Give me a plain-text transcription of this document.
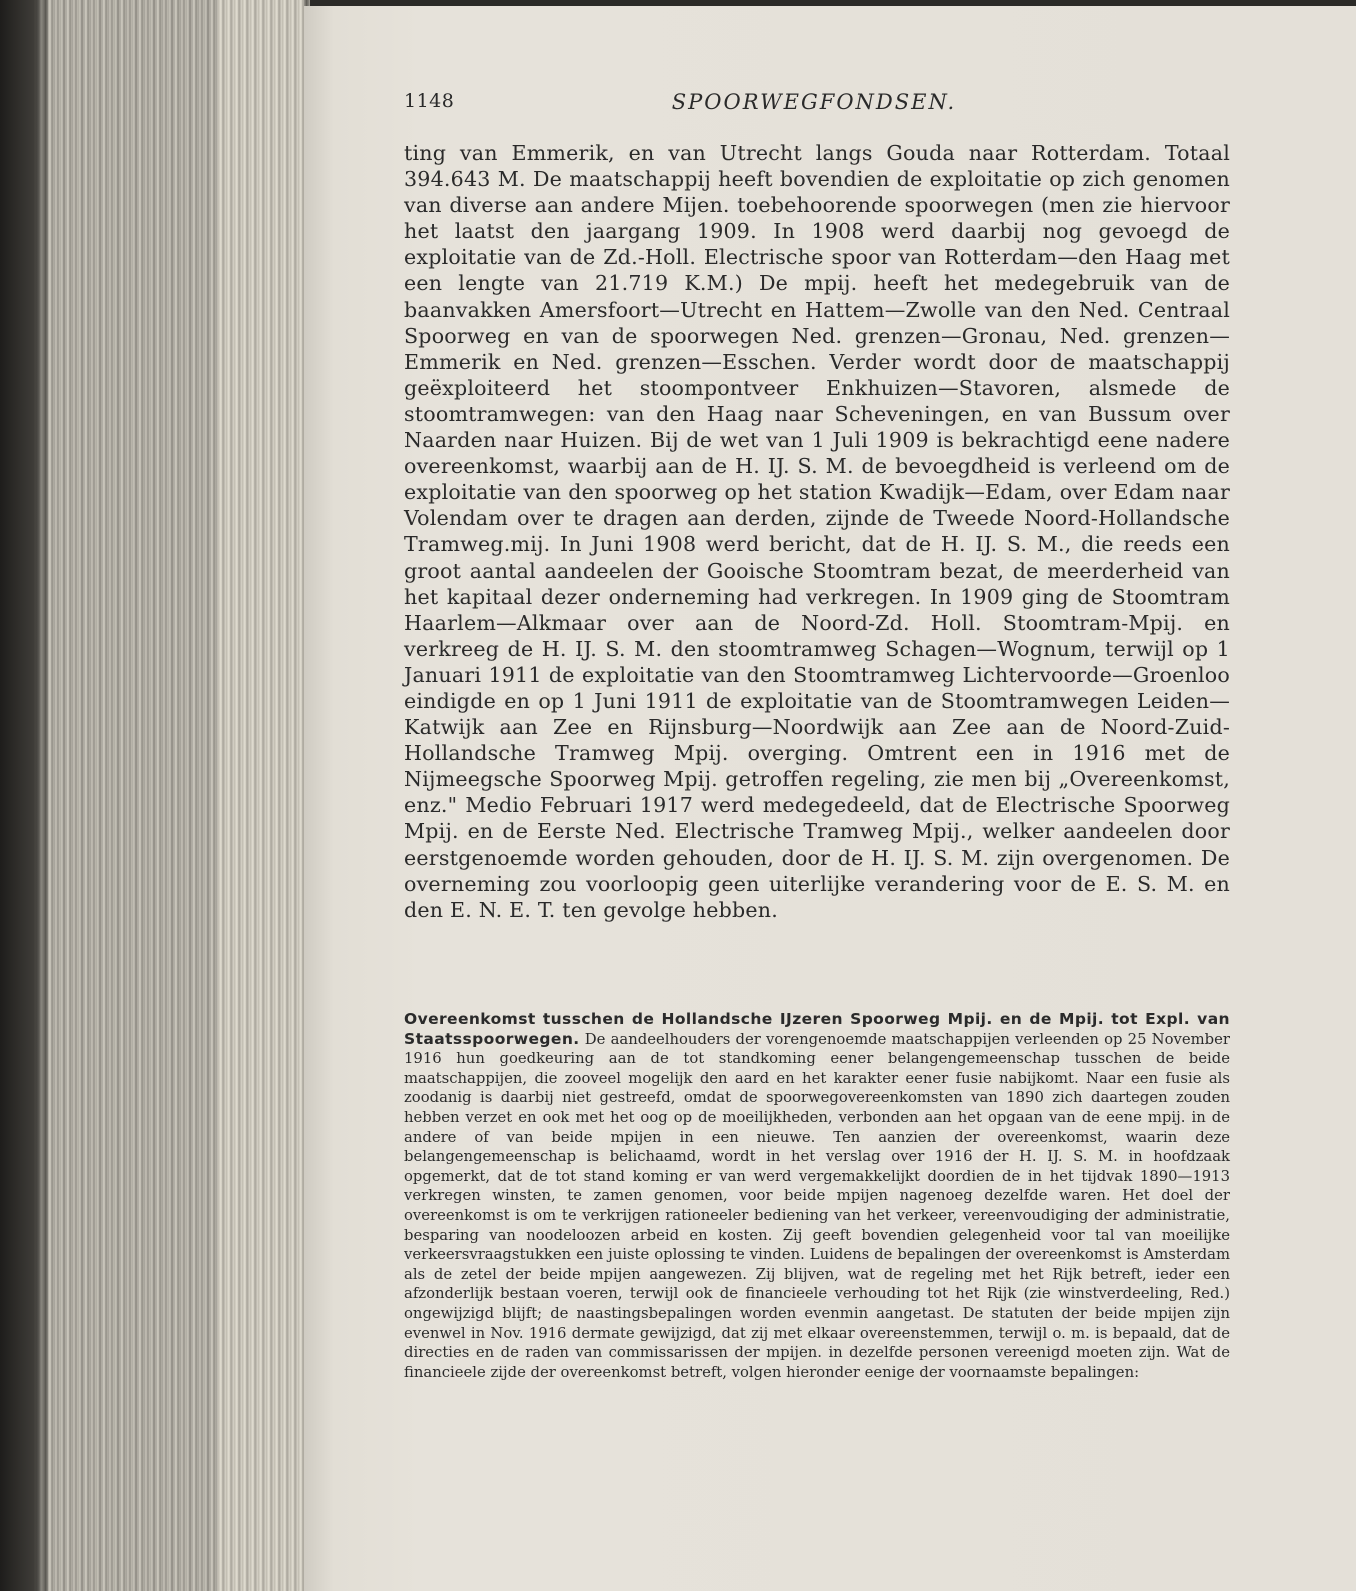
1148	SPOORWEGFONDSEN.

ting van Emmerik, en van Utrecht langs Gouda naar Rotterdam. Totaal 394.643 M. De maatschappij heeft bovendien de exploitatie op zich genomen van diverse aan andere Mijen. toebehoorende spoorwegen (men zie hiervoor het laatst den jaargang 1909. In 1908 werd daarbij nog gevoegd de exploitatie van de Zd.-Holl. Electrische spoor van Rotterdam—den Haag met een lengte van 21.719 K.M.) De mpij. heeft het medegebruik van de baanvakken Amersfoort—Utrecht en Hattem—Zwolle van den Ned. Centraal Spoorweg en van de spoorwegen Ned. grenzen—Gronau, Ned. grenzen—Emmerik en Ned. grenzen—Esschen. Verder wordt door de maatschappij geëxploiteerd het stoompontveer Enkhuizen—Stavoren, alsmede de stoomtramwegen: van den Haag naar Scheveningen, en van Bussum over Naarden naar Huizen. Bij de wet van 1 Juli 1909 is bekrachtigd eene nadere overeenkomst, waarbij aan de H. IJ. S. M. de bevoegdheid is verleend om de exploitatie van den spoorweg op het station Kwadijk—Edam, over Edam naar Volendam over te dragen aan derden, zijnde de Tweede Noord-Hollandsche Tramweg.mij. In Juni 1908 werd bericht, dat de H. IJ. S. M., die reeds een groot aantal aandeelen der Gooische Stoomtram bezat, de meerderheid van het kapitaal dezer onderneming had verkregen. In 1909 ging de Stoomtram Haarlem—Alkmaar over aan de Noord-Zd. Holl. Stoomtram-Mpij. en verkreeg de H. IJ. S. M. den stoomtramweg Schagen—Wognum, terwijl op 1 Januari 1911 de exploitatie van den Stoomtramweg Lichtervoorde—Groenloo eindigde en op 1 Juni 1911 de exploitatie van de Stoomtramwegen Leiden—Katwijk aan Zee en Rijnsburg—Noordwijk aan Zee aan de Noord-Zuid-Hollandsche Tramweg Mpij. overging. Omtrent een in 1916 met de Nijmeegsche Spoorweg Mpij. getroffen regeling, zie men bij „Overeenkomst, enz." Medio Februari 1917 werd medegedeeld, dat de Electrische Spoorweg Mpij. en de Eerste Ned. Electrische Tramweg Mpij., welker aandeelen door eerstgenoemde worden gehouden, door de H. IJ. S. M. zijn overgenomen. De overneming zou voorloopig geen uiterlijke verandering voor de E. S. M. en den E. N. E. T. ten gevolge hebben.

Overeenkomst tusschen de Hollandsche IJzeren Spoorweg Mpij. en de Mpij. tot Expl. van Staatsspoorwegen. De aandeelhouders der vorengenoemde maatschappijen verleenden op 25 November 1916 hun goedkeuring aan de tot standkoming eener belangengemeenschap tusschen de beide maatschappijen, die zooveel mogelijk den aard en het karakter eener fusie nabijkomt. Naar een fusie als zoodanig is daarbij niet gestreefd, omdat de spoorwegovereenkomsten van 1890 zich daartegen zouden hebben verzet en ook met het oog op de moeilijkheden, verbonden aan het opgaan van de eene mpij. in de andere of van beide mpijen in een nieuwe. Ten aanzien der overeenkomst, waarin deze belangengemeenschap is belichaamd, wordt in het verslag over 1916 der H. IJ. S. M. in hoofdzaak opgemerkt, dat de tot stand koming er van werd vergemakkelijkt doordien de in het tijdvak 1890—1913 verkregen winsten, te zamen genomen, voor beide mpijen nagenoeg dezelfde waren. Het doel der overeenkomst is om te verkrijgen rationeeler bediening van het verkeer, vereenvoudiging der administratie, besparing van noodeloozen arbeid en kosten. Zij geeft bovendien gelegenheid voor tal van moeilijke verkeersvraagstukken een juiste oplossing te vinden. Luidens de bepalingen der overeenkomst is Amsterdam als de zetel der beide mpijen aangewezen. Zij blijven, wat de regeling met het Rijk betreft, ieder een afzonderlijk bestaan voeren, terwijl ook de financieele verhouding tot het Rijk (zie winstverdeeling, Red.) ongewijzigd blijft; de naastingsbepalingen worden evenmin aangetast. De statuten der beide mpijen zijn evenwel in Nov. 1916 dermate gewijzigd, dat zij met elkaar overeenstemmen, terwijl o. m. is bepaald, dat de directies en de raden van commissarissen der mpijen. in dezelfde personen vereenigd moeten zijn. Wat de financieele zijde der overeenkomst betreft, volgen hieronder eenige der voornaamste bepalingen:
